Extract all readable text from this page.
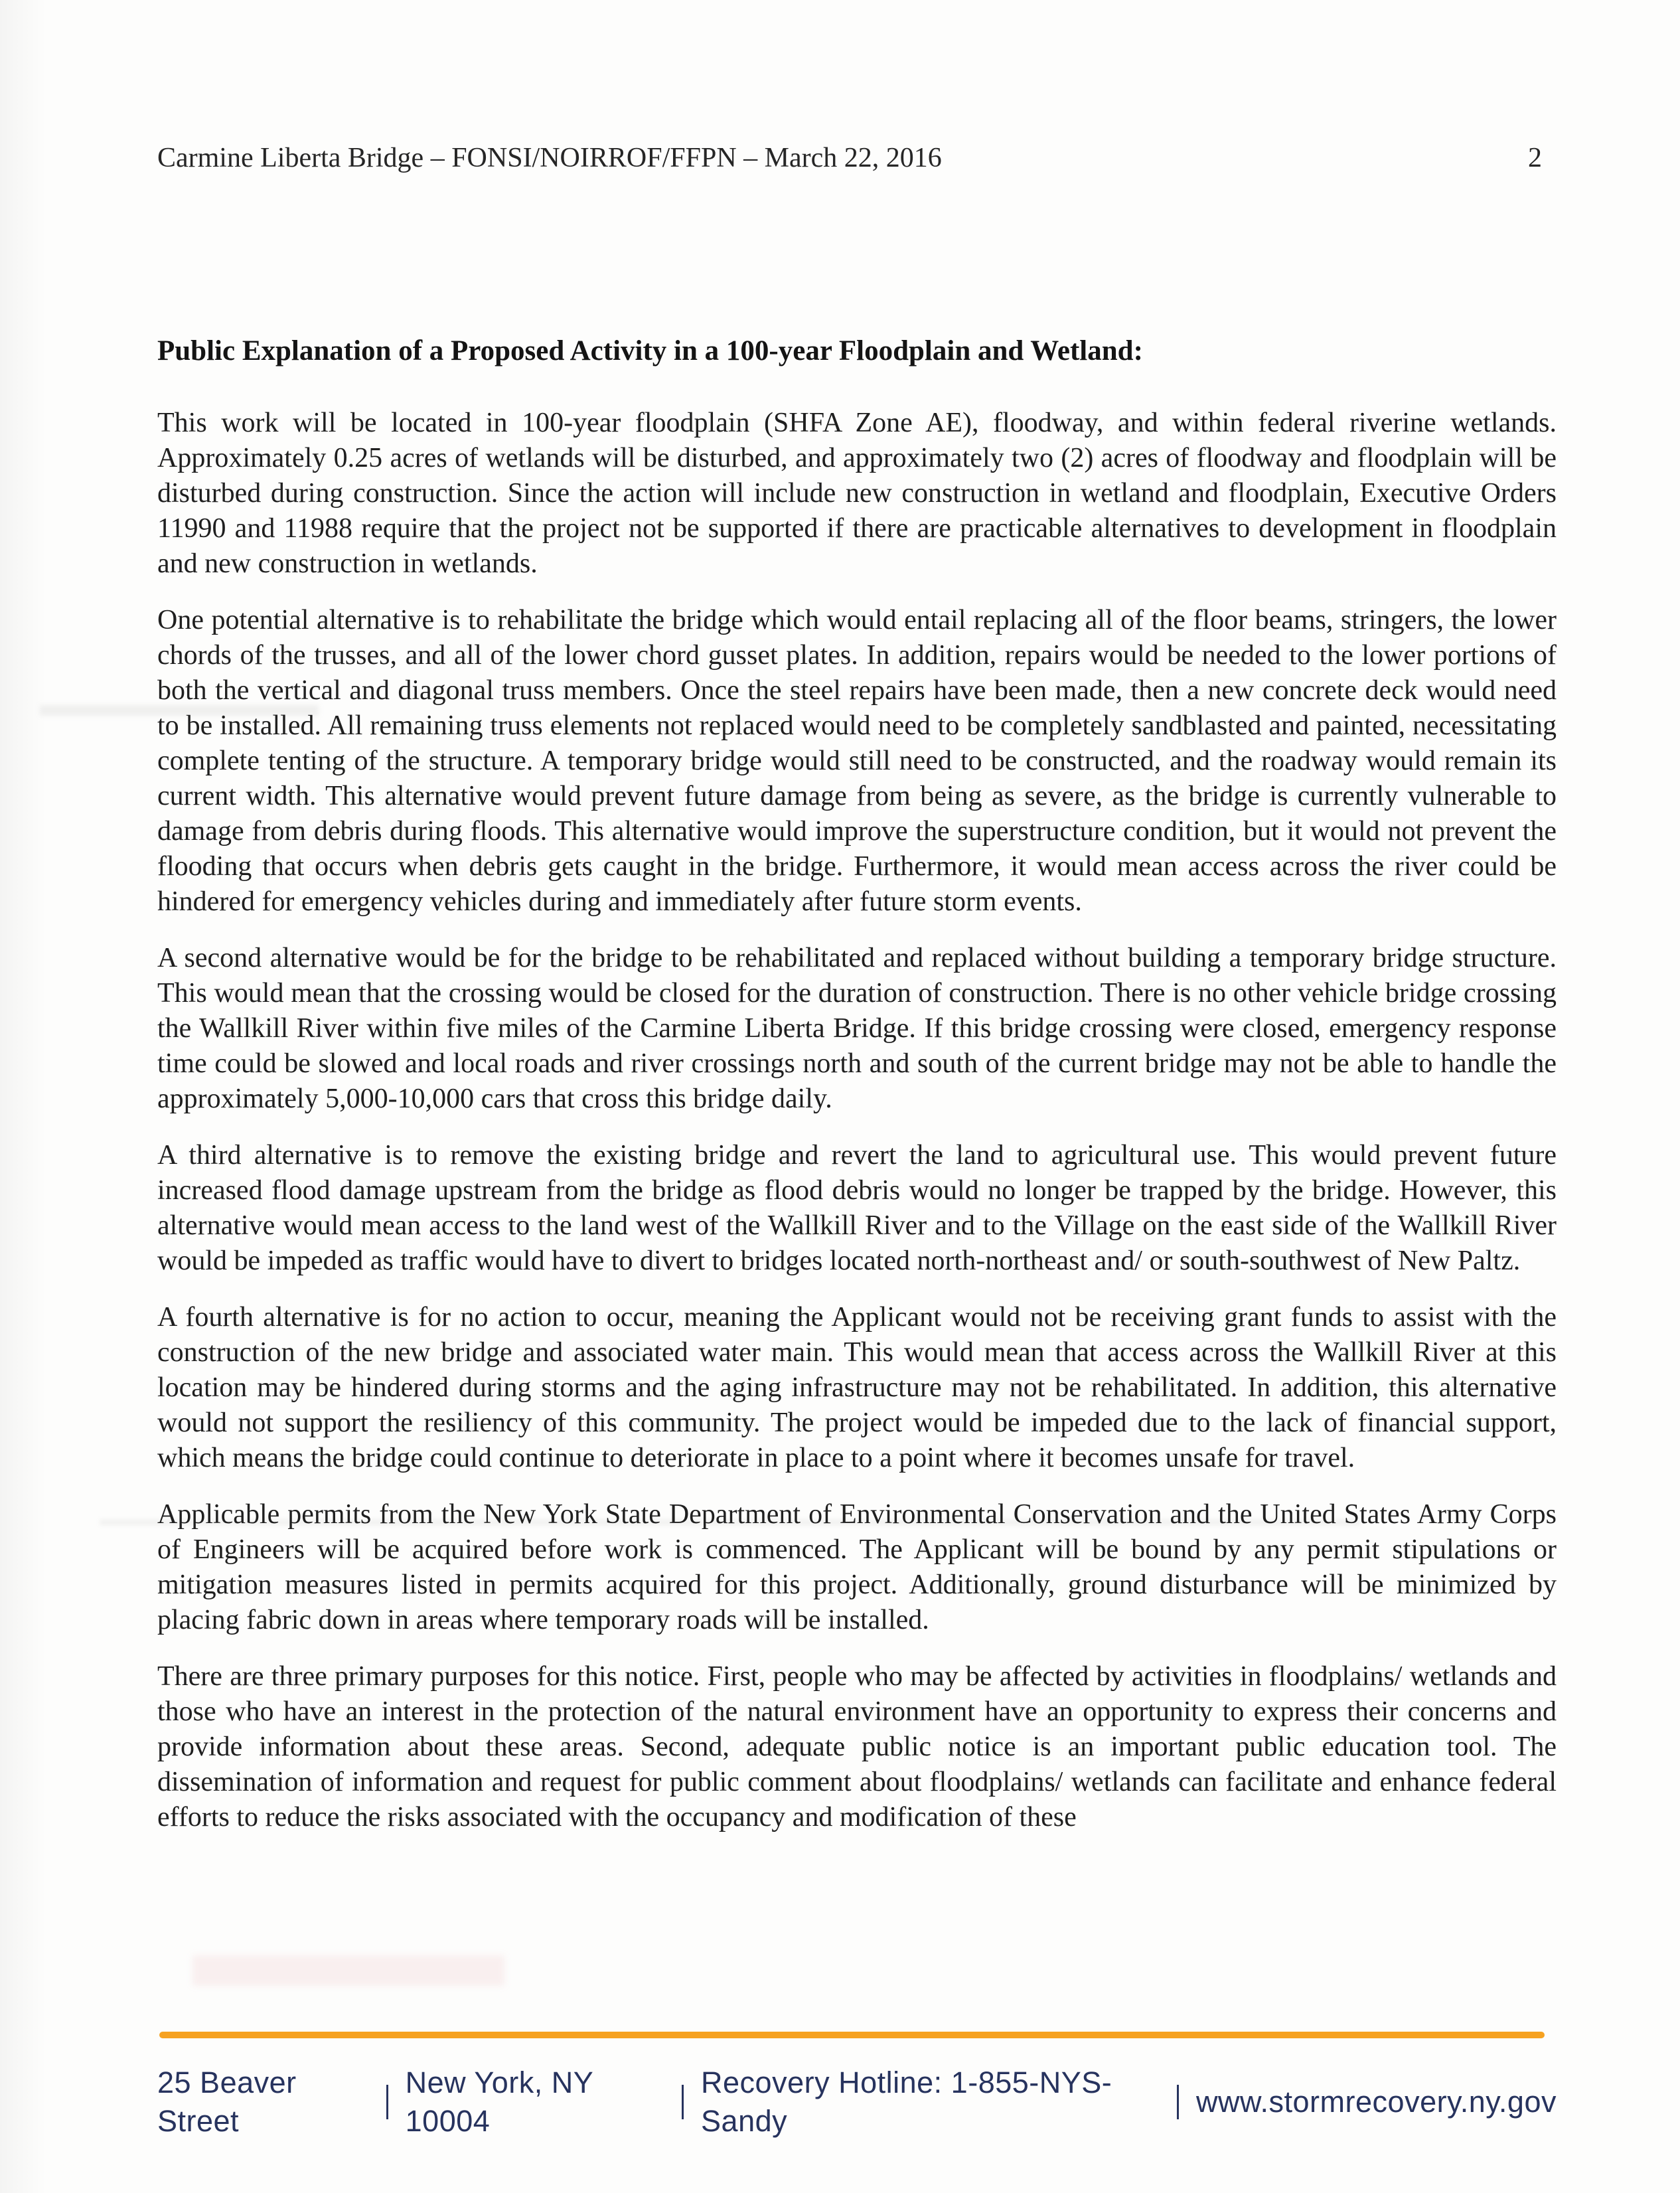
Carmine Liberta Bridge – FONSI/NOIRROF/FFPN – March 22, 2016	2
Public Explanation of a Proposed Activity in a 100-year Floodplain and Wetland:

This work will be located in 100-year floodplain (SHFA Zone AE), floodway, and within federal riverine wetlands. Approximately 0.25 acres of wetlands will be disturbed, and approximately two (2) acres of floodway and floodplain will be disturbed during construction. Since the action will include new construction in wetland and floodplain, Executive Orders 11990 and 11988 require that the project not be supported if there are practicable alternatives to development in floodplain and new construction in wetlands.

One potential alternative is to rehabilitate the bridge which would entail replacing all of the floor beams, stringers, the lower chords of the trusses, and all of the lower chord gusset plates. In addition, repairs would be needed to the lower portions of both the vertical and diagonal truss members. Once the steel repairs have been made, then a new concrete deck would need to be installed. All remaining truss elements not replaced would need to be completely sandblasted and painted, necessitating complete tenting of the structure. A temporary bridge would still need to be constructed, and the roadway would remain its current width. This alternative would prevent future damage from being as severe, as the bridge is currently vulnerable to damage from debris during floods. This alternative would improve the superstructure condition, but it would not prevent the flooding that occurs when debris gets caught in the bridge. Furthermore, it would mean access across the river could be hindered for emergency vehicles during and immediately after future storm events.

A second alternative would be for the bridge to be rehabilitated and replaced without building a temporary bridge structure. This would mean that the crossing would be closed for the duration of construction. There is no other vehicle bridge crossing the Wallkill River within five miles of the Carmine Liberta Bridge. If this bridge crossing were closed, emergency response time could be slowed and local roads and river crossings north and south of the current bridge may not be able to handle the approximately 5,000-10,000 cars that cross this bridge daily.

A third alternative is to remove the existing bridge and revert the land to agricultural use. This would prevent future increased flood damage upstream from the bridge as flood debris would no longer be trapped by the bridge. However, this alternative would mean access to the land west of the Wallkill River and to the Village on the east side of the Wallkill River would be impeded as traffic would have to divert to bridges located north-northeast and/ or south-southwest of New Paltz.

A fourth alternative is for no action to occur, meaning the Applicant would not be receiving grant funds to assist with the construction of the new bridge and associated water main. This would mean that access across the Wallkill River at this location may be hindered during storms and the aging infrastructure may not be rehabilitated. In addition, this alternative would not support the resiliency of this community. The project would be impeded due to the lack of financial support, which means the bridge could continue to deteriorate in place to a point where it becomes unsafe for travel.

Applicable permits from the New York State Department of Environmental Conservation and the United States Army Corps of Engineers will be acquired before work is commenced. The Applicant will be bound by any permit stipulations or mitigation measures listed in permits acquired for this project. Additionally, ground disturbance will be minimized by placing fabric down in areas where temporary roads will be installed.

There are three primary purposes for this notice. First, people who may be affected by activities in floodplains/ wetlands and those who have an interest in the protection of the natural environment have an opportunity to express their concerns and provide information about these areas. Second, adequate public notice is an important public education tool. The dissemination of information and request for public comment about floodplains/ wetlands can facilitate and enhance federal efforts to reduce the risks associated with the occupancy and modification of these

25 Beaver Street
New York, NY 10004
Recovery Hotline: 1-855-NYS-Sandy
www.stormrecovery.ny.gov
